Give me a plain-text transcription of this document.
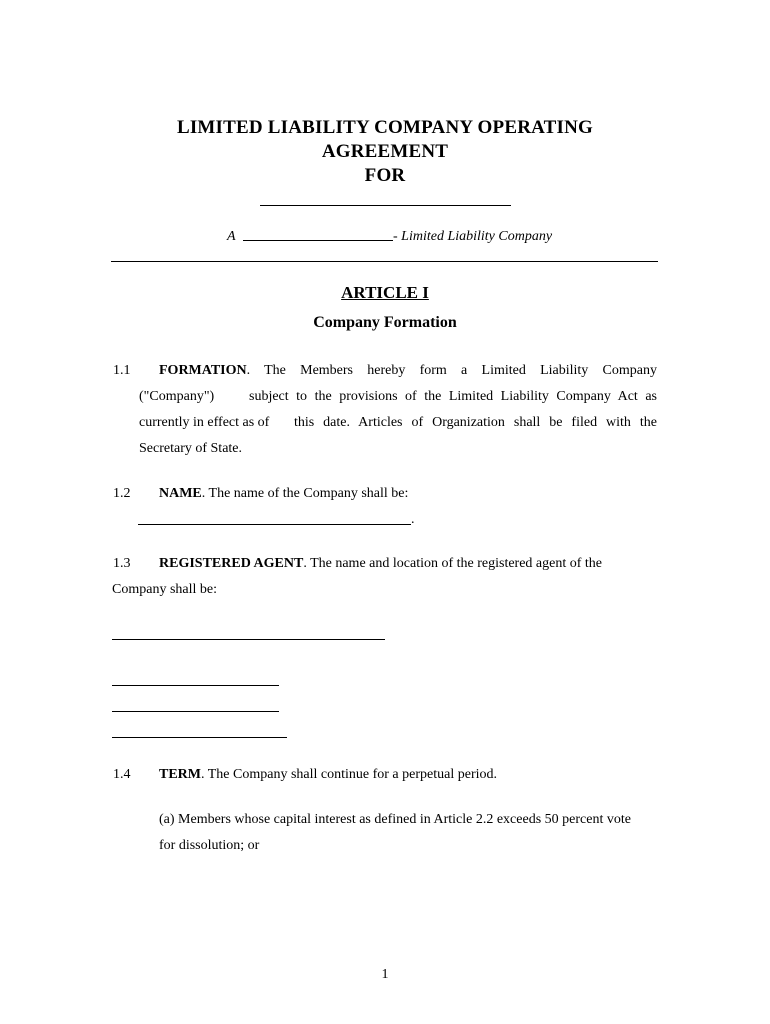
LIMITED LIABILITY COMPANY OPERATING
AGREEMENT
FOR
A	- Limited Liability Company
ARTICLE I
Company Formation
1.1 FORMATION . The Members hereby form a Limited Liability Company
("Company") subject to the provisions of the Limited Liability Company Act as
currently in effect as of this date. Articles of Organization shall be filed with the
Secretary of State.
1.2 NAME. The name of the Company shall be:
.
1.3 REGISTERED AGENT. The name and location of the registered agent of the
Company shall be:
1.4 TERM. The Company shall continue for a perpetual period.
(a) Members whose capital interest as defined in Article 2.2 exceeds 50 percent vote
for dissolution; or
1
